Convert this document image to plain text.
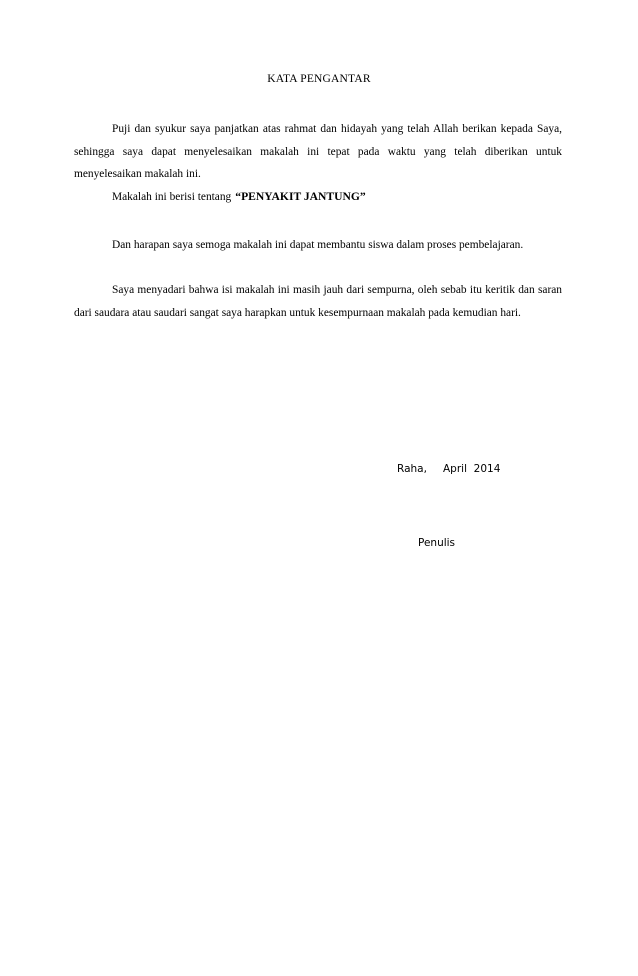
KATA PENGANTAR

Puji dan syukur saya panjatkan atas rahmat dan hidayah yang telah Allah berikan kepada Saya, sehingga saya dapat menyelesaikan makalah ini tepat pada waktu yang telah diberikan untuk menyelesaikan makalah ini.

Makalah ini berisi tentang “PENYAKIT JANTUNG”

Dan harapan saya semoga makalah ini dapat membantu siswa dalam proses pembelajaran.

Saya menyadari bahwa isi makalah ini masih jauh dari sempurna, oleh sebab itu keritik dan saran dari saudara atau saudari sangat saya harapkan untuk kesempurnaan makalah pada kemudian hari.

Raha, April  2014
Penulis
